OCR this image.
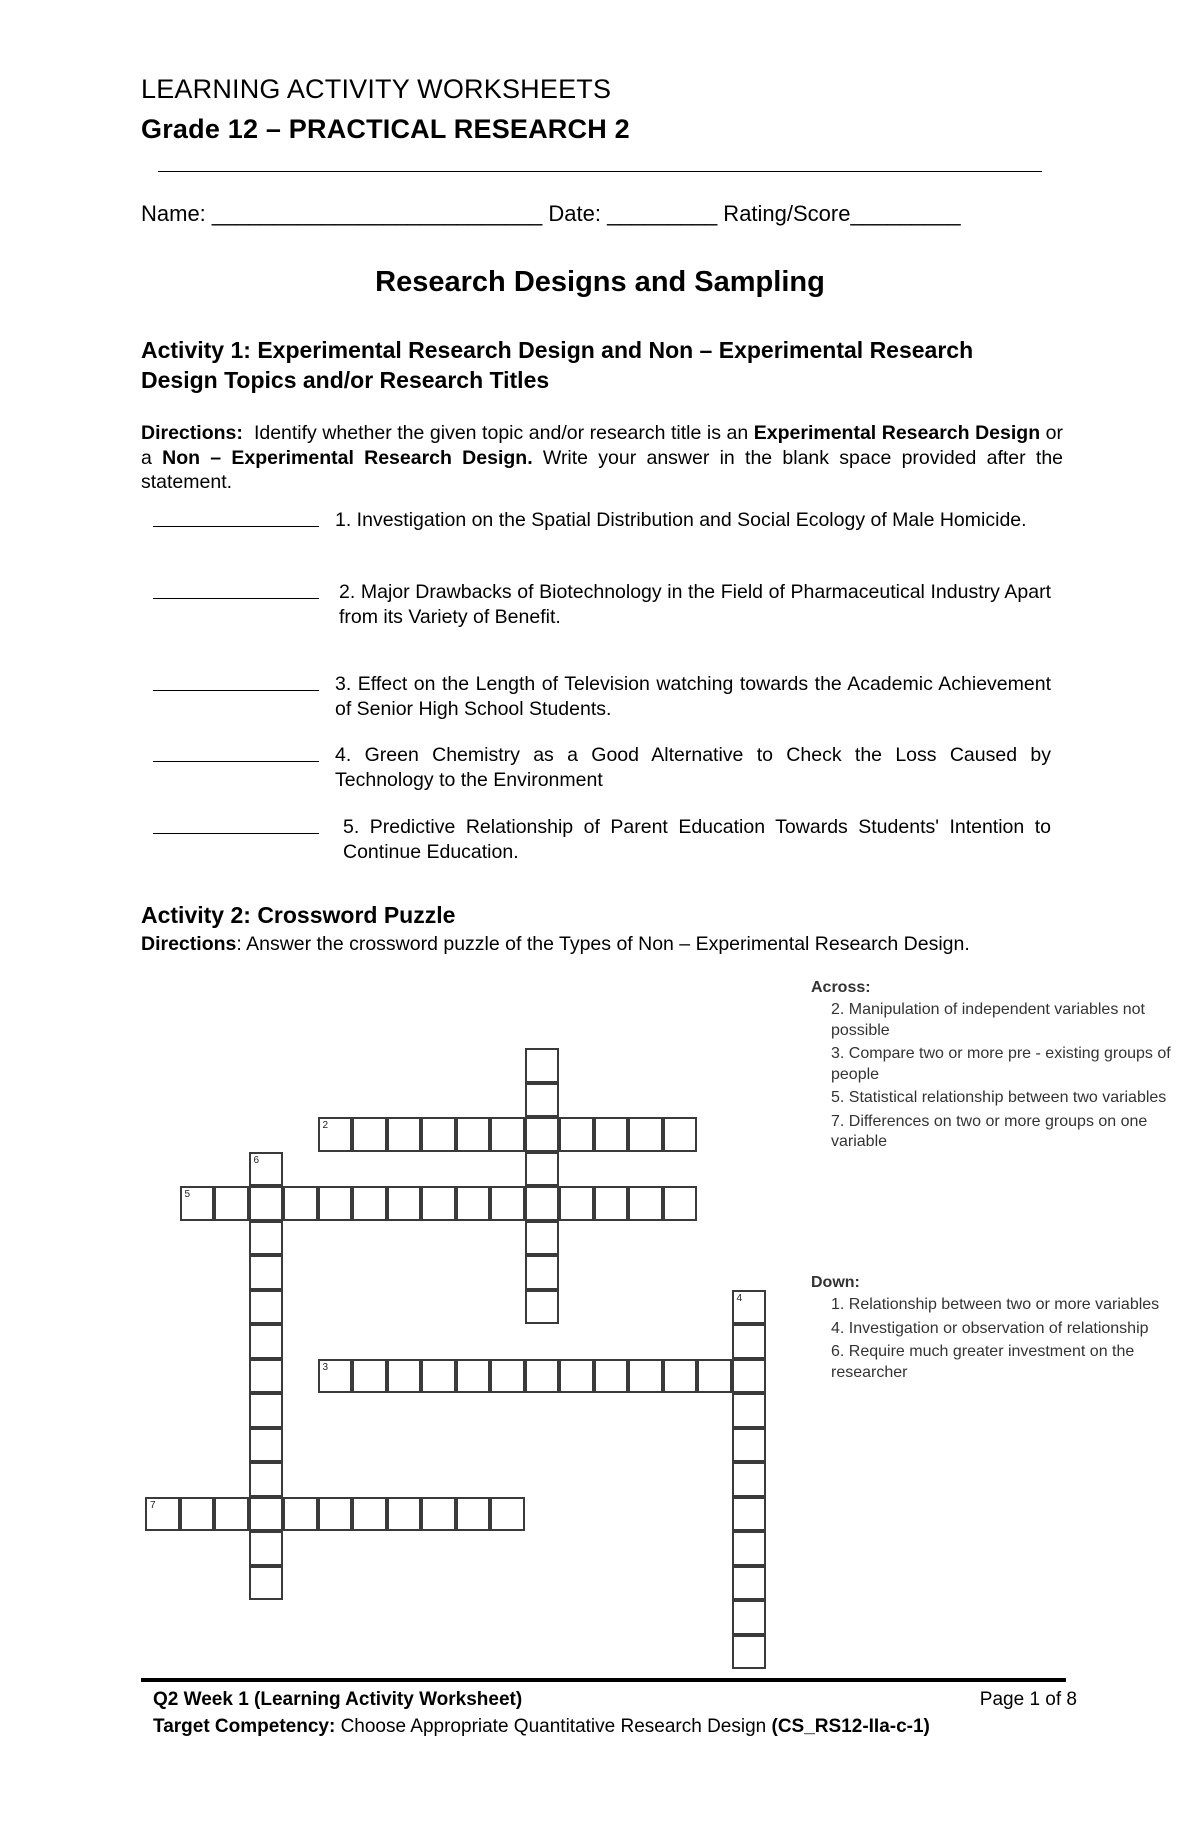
LEARNING ACTIVITY WORKSHEETS
Grade 12 – PRACTICAL RESEARCH 2
Name: ___________________________ Date: _________ Rating/Score_________
Research Designs and Sampling
Activity 1: Experimental Research Design and Non – Experimental Research
Design Topics and/or Research Titles
Directions: Identify whether the given topic and/or research title is an Experimental Research Design or a Non – Experimental Research Design. Write your answer in the blank space provided after the statement.
1. Investigation on the Spatial Distribution and Social Ecology of Male Homicide.
2. Major Drawbacks of Biotechnology in the Field of Pharmaceutical Industry Apart from its Variety of Benefit.
3. Effect on the Length of Television watching towards the Academic Achievement of Senior High School Students.
4. Green Chemistry as a Good Alternative to Check the Loss Caused by Technology to the Environment
5. Predictive Relationship of Parent Education Towards Students' Intention to Continue Education.
Activity 2: Crossword Puzzle
Directions: Answer the crossword puzzle of the Types of Non – Experimental Research Design.
2
3
4
5
6
7
Across:
2. Manipulation of independent variables not possible
3. Compare two or more pre - existing groups of people
5. Statistical relationship between two variables
7. Differences on two or more groups on one variable
Down:
1. Relationship between two or more variables
4. Investigation or observation of relationship
6. Require much greater investment on the researcher
Q2 Week 1 (Learning Activity Worksheet)	Page 1 of 8
Target Competency: Choose Appropriate Quantitative Research Design (CS_RS12-IIa-c-1)
